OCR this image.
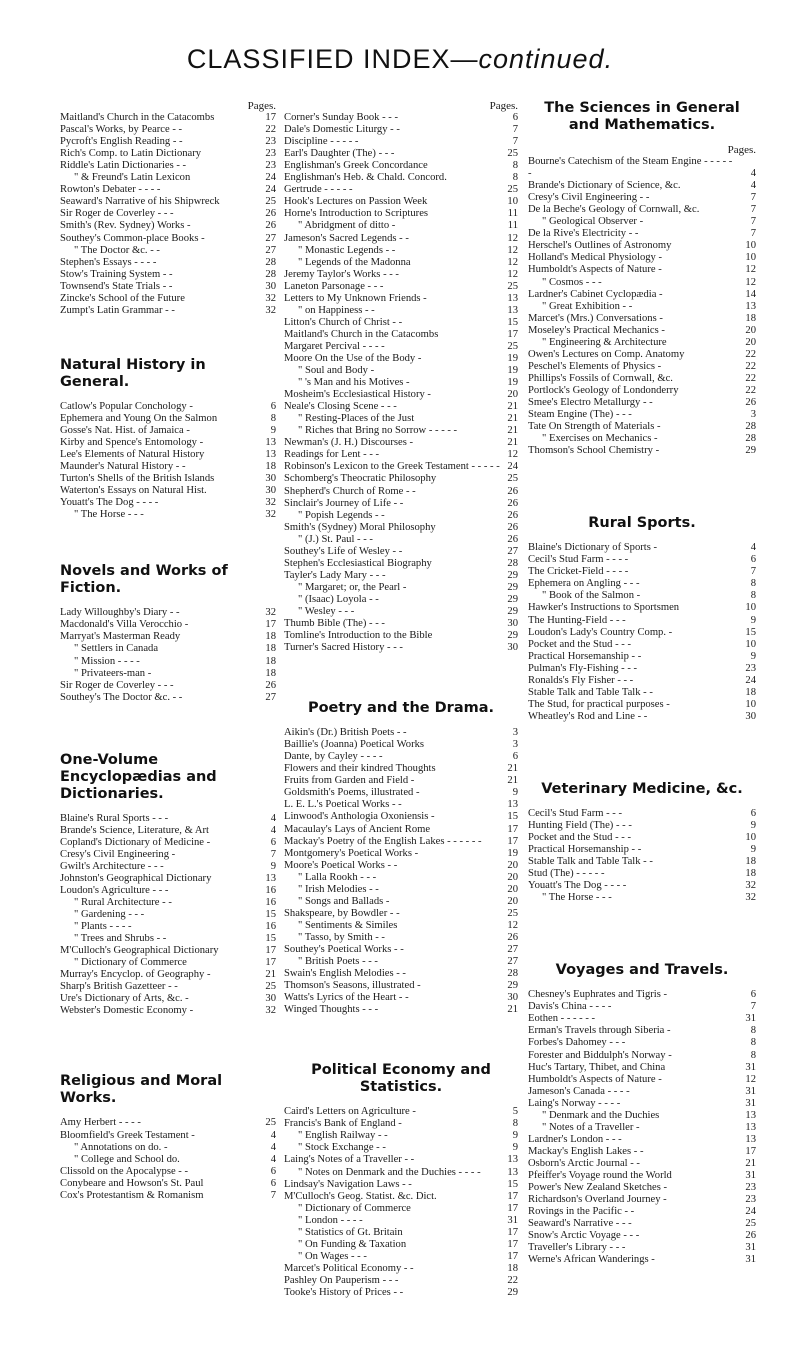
CLASSIFIED INDEX—continued.
Pages.
Maitland's Church in the Catacombs	17
Pascal's Works, by Pearce - -	22
Pycroft's English Reading - -	23
Rich's Comp. to Latin Dictionary	23
Riddle's Latin Dictionaries - -	23
" & Freund's Latin Lexicon	24
Rowton's Debater - - - -	24
Seaward's Narrative of his Shipwreck	25
Sir Roger de Coverley - - -	26
Smith's (Rev. Sydney) Works -	26
Southey's Common-place Books -	27
" The Doctor &c. - -	27
Stephen's Essays - - - -	28
Stow's Training System - -	28
Townsend's State Trials - -	30
Zincke's School of the Future	32
Zumpt's Latin Grammar - -	32
Natural History in General.
Catlow's Popular Conchology -	6
Ephemera and Young On the Salmon	8
Gosse's Nat. Hist. of Jamaica -	9
Kirby and Spence's Entomology -	13
Lee's Elements of Natural History	13
Maunder's Natural History - -	18
Turton's Shells of the British Islands	30
Waterton's Essays on Natural Hist.	30
Youatt's The Dog - - - -	32
" The Horse - - -	32
Novels and Works of Fiction.
Lady Willoughby's Diary - -	32
Macdonald's Villa Verocchio -	17
Marryat's Masterman Ready	18
" Settlers in Canada	18
" Mission - - - -	18
" Privateers-man -	18
Sir Roger de Coverley - - -	26
Southey's The Doctor &c. - -	27
One-Volume Encyclopædias and Dictionaries.
Blaine's Rural Sports - - -	4
Brande's Science, Literature, & Art	4
Copland's Dictionary of Medicine -	6
Cresy's Civil Engineering -	7
Gwilt's Architecture - - -	9
Johnston's Geographical Dictionary	13
Loudon's Agriculture - - -	16
" Rural Architecture - -	16
" Gardening - - -	15
" Plants - - - -	16
" Trees and Shrubs - -	15
M'Culloch's Geographical Dictionary	17
" Dictionary of Commerce	17
Murray's Encyclop. of Geography -	21
Sharp's British Gazetteer - -	25
Ure's Dictionary of Arts, &c. -	30
Webster's Domestic Economy -	32
Religious and Moral Works.
Amy Herbert - - - -	25
Bloomfield's Greek Testament -	4
" Annotations on do. -	4
" College and School do.	4
Clissold on the Apocalypse - -	6
Conybeare and Howson's St. Paul	6
Cox's Protestantism & Romanism	7
Pages.
Corner's Sunday Book - - -	6
Dale's Domestic Liturgy - -	7
Discipline - - - - -	7
Earl's Daughter (The) - - -	25
Englishman's Greek Concordance	8
Englishman's Heb. & Chald. Concord.	8
Gertrude - - - - -	25
Hook's Lectures on Passion Week	10
Horne's Introduction to Scriptures	11
" Abridgment of ditto -	11
Jameson's Sacred Legends - -	12
" Monastic Legends - -	12
" Legends of the Madonna	12
Jeremy Taylor's Works - - -	12
Laneton Parsonage - - -	25
Letters to My Unknown Friends -	13
" on Happiness - -	13
Litton's Church of Christ - -	15
Maitland's Church in the Catacombs	17
Margaret Percival - - - -	25
Moore On the Use of the Body -	19
" Soul and Body -	19
" 's Man and his Motives -	19
Mosheim's Ecclesiastical History -	20
Neale's Closing Scene - - -	21
" Resting-Places of the Just	21
" Riches that Bring no Sorrow - - - - -	21
Newman's (J. H.) Discourses -	21
Readings for Lent - - -	12
Robinson's Lexicon to the Greek Testament - - - - - 24
Schomberg's Theocratic Philosophy	25
Shepherd's Church of Rome - -	26
Sinclair's Journey of Life - -	26
" Popish Legends - -	26
Smith's (Sydney) Moral Philosophy	26
" (J.) St. Paul - - -	26
Southey's Life of Wesley - -	27
Stephen's Ecclesiastical Biography	28
Tayler's Lady Mary - - -	29
" Margaret; or, the Pearl -	29
" (Isaac) Loyola - -	29
" Wesley - - -	29
Thumb Bible (The) - - -	30
Tomline's Introduction to the Bible	29
Turner's Sacred History - - -	30
Poetry and the Drama.
Aikin's (Dr.) British Poets - -	3
Baillie's (Joanna) Poetical Works	3
Dante, by Cayley - - - -	6
Flowers and their kindred Thoughts	21
Fruits from Garden and Field -	21
Goldsmith's Poems, illustrated -	9
L. E. L.'s Poetical Works - -	13
Linwood's Anthologia Oxoniensis -	15
Macaulay's Lays of Ancient Rome	17
Mackay's Poetry of the English Lakes - - - - - -	17
Montgomery's Poetical Works -	19
Moore's Poetical Works - -	20
" Lalla Rookh - - -	20
" Irish Melodies - -	20
" Songs and Ballads -	20
Shakspeare, by Bowdler - -	25
" Sentiments & Similes	12
" Tasso, by Smith - -	26
Southey's Poetical Works - -	27
" British Poets - - -	27
Swain's English Melodies - -	28
Thomson's Seasons, illustrated -	29
Watts's Lyrics of the Heart - -	30
Winged Thoughts - - -	21
Political Economy and Statistics.
Caird's Letters on Agriculture -	5
Francis's Bank of England -	8
" English Railway - -	9
" Stock Exchange - -	9
Laing's Notes of a Traveller - -	13
" Notes on Denmark and the Duchies - - - -	13
Lindsay's Navigation Laws - -	15
M'Culloch's Geog. Statist. &c. Dict.	17
" Dictionary of Commerce	17
" London - - - -	31
" Statistics of Gt. Britain	17
" On Funding & Taxation	17
" On Wages - - -	17
Marcet's Political Economy - -	18
Pashley On Pauperism - - -	22
Tooke's History of Prices - -	29
The Sciences in General and Mathematics.
Pages.
Bourne's Catechism of the Steam Engine - - - - - -	4
Brande's Dictionary of Science, &c.	4
Cresy's Civil Engineering - -	7
De la Beche's Geology of Cornwall, &c.	7
" Geological Observer -	7
De la Rive's Electricity - -	7
Herschel's Outlines of Astronomy	10
Holland's Medical Physiology -	10
Humboldt's Aspects of Nature -	12
" Cosmos - - -	12
Lardner's Cabinet Cyclopædia -	14
" Great Exhibition - -	13
Marcet's (Mrs.) Conversations -	18
Moseley's Practical Mechanics -	20
" Engineering & Architecture	20
Owen's Lectures on Comp. Anatomy	22
Peschel's Elements of Physics -	22
Phillips's Fossils of Cornwall, &c.	22
Portlock's Geology of Londonderry	22
Smee's Electro Metallurgy - -	26
Steam Engine (The) - - -	3
Tate On Strength of Materials -	28
" Exercises on Mechanics -	28
Thomson's School Chemistry -	29
Rural Sports.
Blaine's Dictionary of Sports -	4
Cecil's Stud Farm - - - -	6
The Cricket-Field - - - -	7
Ephemera on Angling - - -	8
" Book of the Salmon -	8
Hawker's Instructions to Sportsmen	10
The Hunting-Field - - -	9
Loudon's Lady's Country Comp. -	15
Pocket and the Stud - - -	10
Practical Horsemanship - -	9
Pulman's Fly-Fishing - - -	23
Ronalds's Fly Fisher - - -	24
Stable Talk and Table Talk - -	18
The Stud, for practical purposes -	10
Wheatley's Rod and Line - -	30
Veterinary Medicine, &c.
Cecil's Stud Farm - - -	6
Hunting Field (The) - - -	9
Pocket and the Stud - - -	10
Practical Horsemanship - -	9
Stable Talk and Table Talk - -	18
Stud (The) - - - - -	18
Youatt's The Dog - - - -	32
" The Horse - - -	32
Voyages and Travels.
Chesney's Euphrates and Tigris -	6
Davis's China - - - -	7
Eothen - - - - - -	31
Erman's Travels through Siberia -	8
Forbes's Dahomey - - -	8
Forester and Biddulph's Norway -	8
Huc's Tartary, Thibet, and China	31
Humboldt's Aspects of Nature -	12
Jameson's Canada - - - -	31
Laing's Norway - - - -	31
" Denmark and the Duchies	13
" Notes of a Traveller -	13
Lardner's London - - -	13
Mackay's English Lakes - -	17
Osborn's Arctic Journal - -	21
Pfeiffer's Voyage round the World	31
Power's New Zealand Sketches -	23
Richardson's Overland Journey -	23
Rovings in the Pacific - -	24
Seaward's Narrative - - -	25
Snow's Arctic Voyage - - -	26
Traveller's Library - - -	31
Werne's African Wanderings -	31
